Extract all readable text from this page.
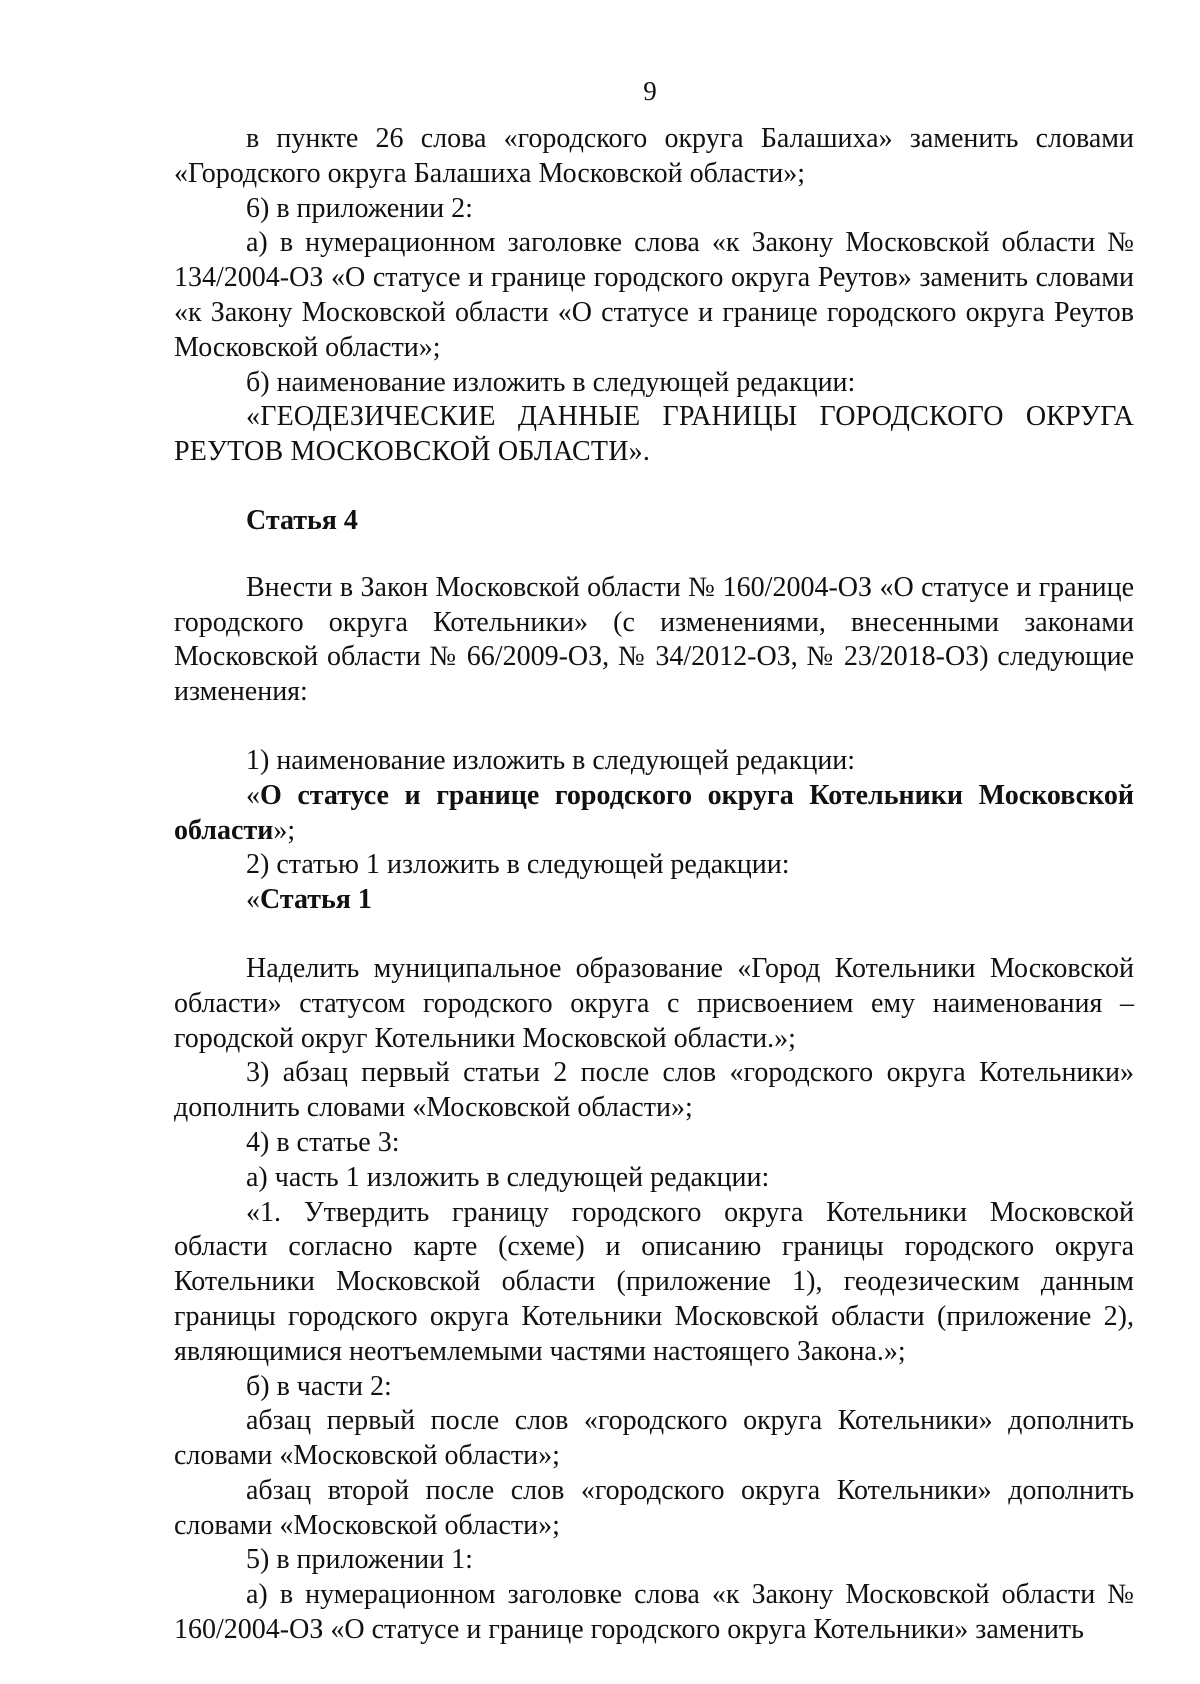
9

в пункте 26 слова «городского округа Балашиха» заменить словами «Городского округа Балашиха Московской области»;

6) в приложении 2:

а) в нумерационном заголовке слова «к Закону Московской области № 134/2004-ОЗ «О статусе и границе городского округа Реутов» заменить словами «к Закону Московской области «О статусе и границе городского округа Реутов Московской области»;

б) наименование изложить в следующей редакции:

«ГЕОДЕЗИЧЕСКИЕ ДАННЫЕ ГРАНИЦЫ ГОРОДСКОГО ОКРУГА РЕУТОВ МОСКОВСКОЙ ОБЛАСТИ».

Статья 4

Внести в Закон Московской области № 160/2004-ОЗ «О статусе и границе городского округа Котельники» (с изменениями, внесенными законами Московской области № 66/2009-ОЗ, № 34/2012-ОЗ, № 23/2018-ОЗ) следующие изменения:

1) наименование изложить в следующей редакции:

«О статусе и границе городского округа Котельники Московской области»;

2) статью 1 изложить в следующей редакции:

«Статья 1

Наделить муниципальное образование «Город Котельники Московской области» статусом городского округа с присвоением ему наименования – городской округ Котельники Московской области.»;

3) абзац первый статьи 2 после слов «городского округа Котельники» дополнить словами «Московской области»;

4) в статье 3:

а) часть 1 изложить в следующей редакции:

«1. Утвердить границу городского округа Котельники Московской области согласно карте (схеме) и описанию границы городского округа Котельники Московской области (приложение 1), геодезическим данным границы городского округа Котельники Московской области (приложение 2), являющимися неотъемлемыми частями настоящего Закона.»;

б) в части 2:

абзац первый после слов «городского округа Котельники» дополнить словами «Московской области»;

абзац второй после слов «городского округа Котельники» дополнить словами «Московской области»;

5) в приложении 1:

а) в нумерационном заголовке слова «к Закону Московской области № 160/2004-ОЗ «О статусе и границе городского округа Котельники» заменить
